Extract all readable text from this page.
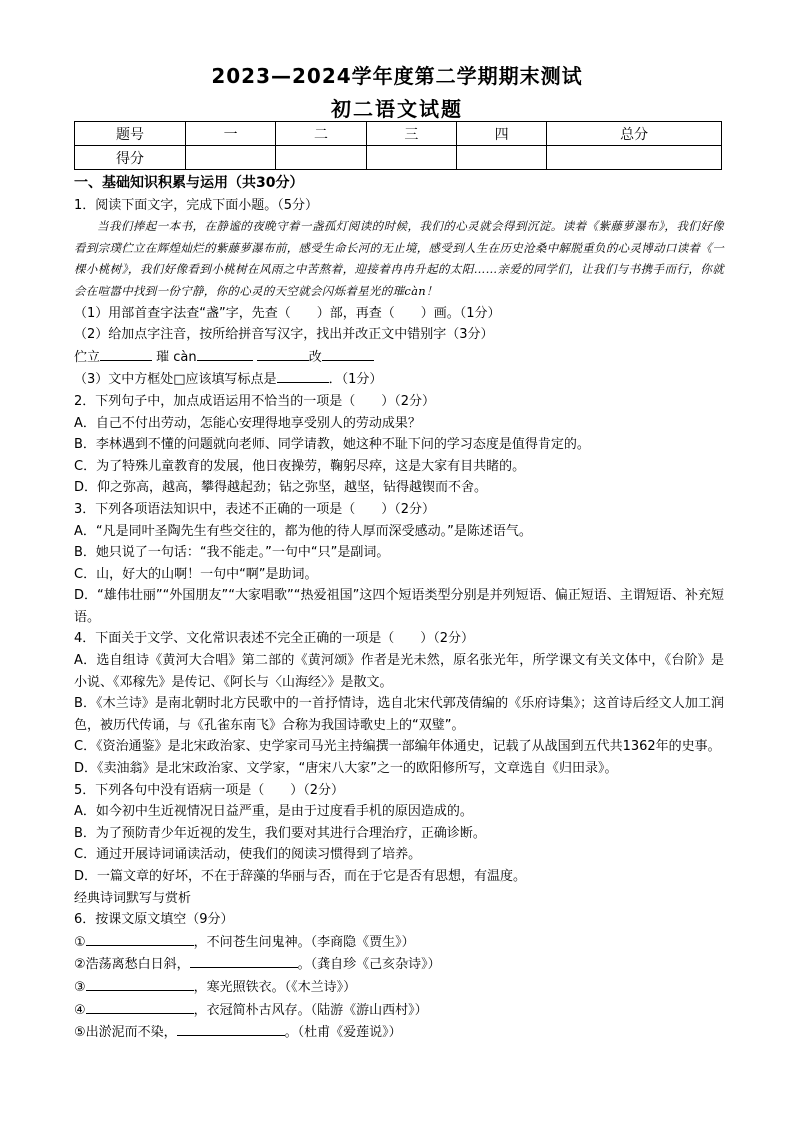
2023—2024学年度第二学期期末测试
初二语文试题
题号	一	二	三	四	总分
得分					
一、基础知识积累与运用（共30分）
1．阅读下面文字，完成下面小题。（5分）
当我们捧起一本书，在静谧的夜晚守着一盏孤灯阅读的时候，我们的心灵就会得到沉淀。读着《紫藤萝瀑布》，我们好像看到宗璞伫立在辉煌灿烂的紫藤萝瀑布前，感受生命长河的无止境，感受到人生在历史沧桑中解脱重负的心灵博动口读着《一棵小桃树》，我们好像看到小桃树在风雨之中苦熬着，迎接着冉冉升起的太阳……亲爱的同学们，让我们与书携手而行，你就会在喧嚣中找到一份宁静，你的心灵的天空就会闪烁着星光的璀càn！
（1）用部首查字法查“盏”字，先查（　　）部，再查（　　）画。（1分）
（2）给加点字注音，按所给拼音写汉字，找出并改正文中错别字（3分）
伫立	璀 càn	改
（3）文中方框处□应该填写标点是	．（1分）
2．下列句子中，加点成语运用不恰当的一项是（　　）（2分）
A．自己不付出劳动，怎能心安理得地享受别人的劳动成果？
B．李林遇到不懂的问题就向老师、同学请教，她这种不耻下问的学习态度是值得肯定的。
C．为了特殊儿童教育的发展，他日夜操劳，鞠躬尽瘁，这是大家有目共睹的。
D．仰之弥高，越高，攀得越起劲；钻之弥坚，越坚，钻得越锲而不舍。
3．下列各项语法知识中，表述不正确的一项是（　　）（2分）
A．“凡是同叶圣陶先生有些交往的，都为他的待人厚而深受感动。”是陈述语气。
B．她只说了一句话：“我不能走。”一句中“只”是副词。
C．山，好大的山啊！一句中“啊”是助词。
D．“雄伟壮丽”“外国朋友”“大家唱歌”“热爱祖国”这四个短语类型分别是并列短语、偏正短语、主谓短语、补充短语。
4．下面关于文学、文化常识表述不完全正确的一项是（　　）（2分）
A．选自组诗《黄河大合唱》第二部的《黄河颂》作者是光未然，原名张光年，所学课文有关文体中，《台阶》是小说、《邓稼先》是传记、《阿长与〈山海经〉》是散文。
B．《木兰诗》是南北朝时北方民歌中的一首抒情诗，选自北宋代郭茂倩编的《乐府诗集》；这首诗后经文人加工润色，被历代传诵，与《孔雀东南飞》合称为我国诗歌史上的“双璧”。
C．《资治通鉴》是北宋政治家、史学家司马光主持编撰一部编年体通史，记载了从战国到五代共1362年的史事。
D．《卖油翁》是北宋政治家、文学家，“唐宋八大家”之一的欧阳修所写，文章选自《归田录》。
5．下列各句中没有语病一项是（　　）（2分）
A．如今初中生近视情况日益严重，是由于过度看手机的原因造成的。
B．为了预防青少年近视的发生，我们要对其进行合理治疗，正确诊断。
C．通过开展诗词诵读活动，使我们的阅读习惯得到了培养。
D．一篇文章的好坏，不在于辞藻的华丽与否，而在于它是否有思想，有温度。
经典诗词默写与赏析
6．按课文原文填空（9分）
①	，不问苍生问鬼神。（李商隐《贾生》）
②浩荡离愁白日斜，	。（龚自珍《己亥杂诗》）
③	，寒光照铁衣。（《木兰诗》）
④	，衣冠简朴古风存。（陆游《游山西村》）
⑤出淤泥而不染，	。（杜甫《爱莲说》）
